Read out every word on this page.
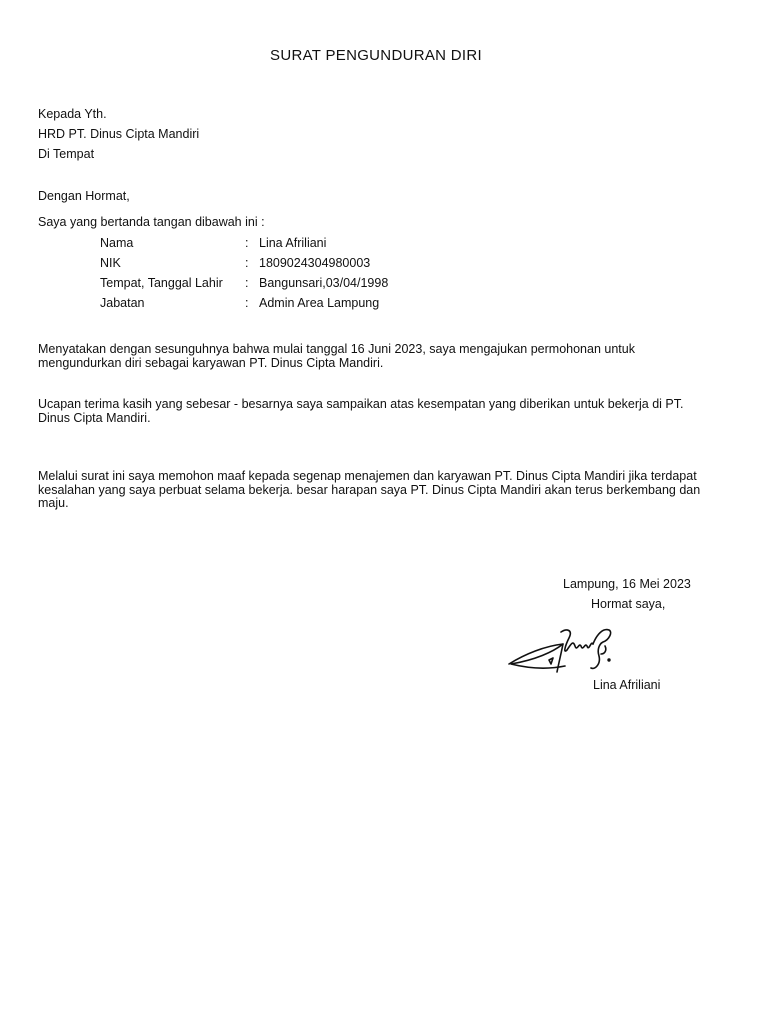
SURAT PENGUNDURAN DIRI
Kepada Yth.
HRD PT. Dinus Cipta Mandiri
Di Tempat
Dengan Hormat,
Saya yang bertanda tangan dibawah ini :
Nama	: Lina Afriliani
NIK	: 1809024304980003
Tempat, Tanggal Lahir : Bangunsari,03/04/1998
Jabatan	: Admin Area Lampung
Menyatakan dengan sesunguhnya bahwa mulai tanggal 16 Juni 2023, saya mengajukan permohonan untuk mengundurkan diri sebagai karyawan PT. Dinus Cipta Mandiri.
Ucapan terima kasih yang sebesar - besarnya saya sampaikan atas kesempatan yang diberikan untuk bekerja di PT. Dinus Cipta Mandiri.
Melalui surat ini saya memohon maaf kepada segenap menajemen dan karyawan PT. Dinus Cipta Mandiri jika terdapat kesalahan yang saya perbuat selama bekerja. besar harapan saya PT. Dinus Cipta Mandiri akan terus berkembang dan maju.
Lampung, 16 Mei 2023
Hormat saya,
Lina Afriliani
